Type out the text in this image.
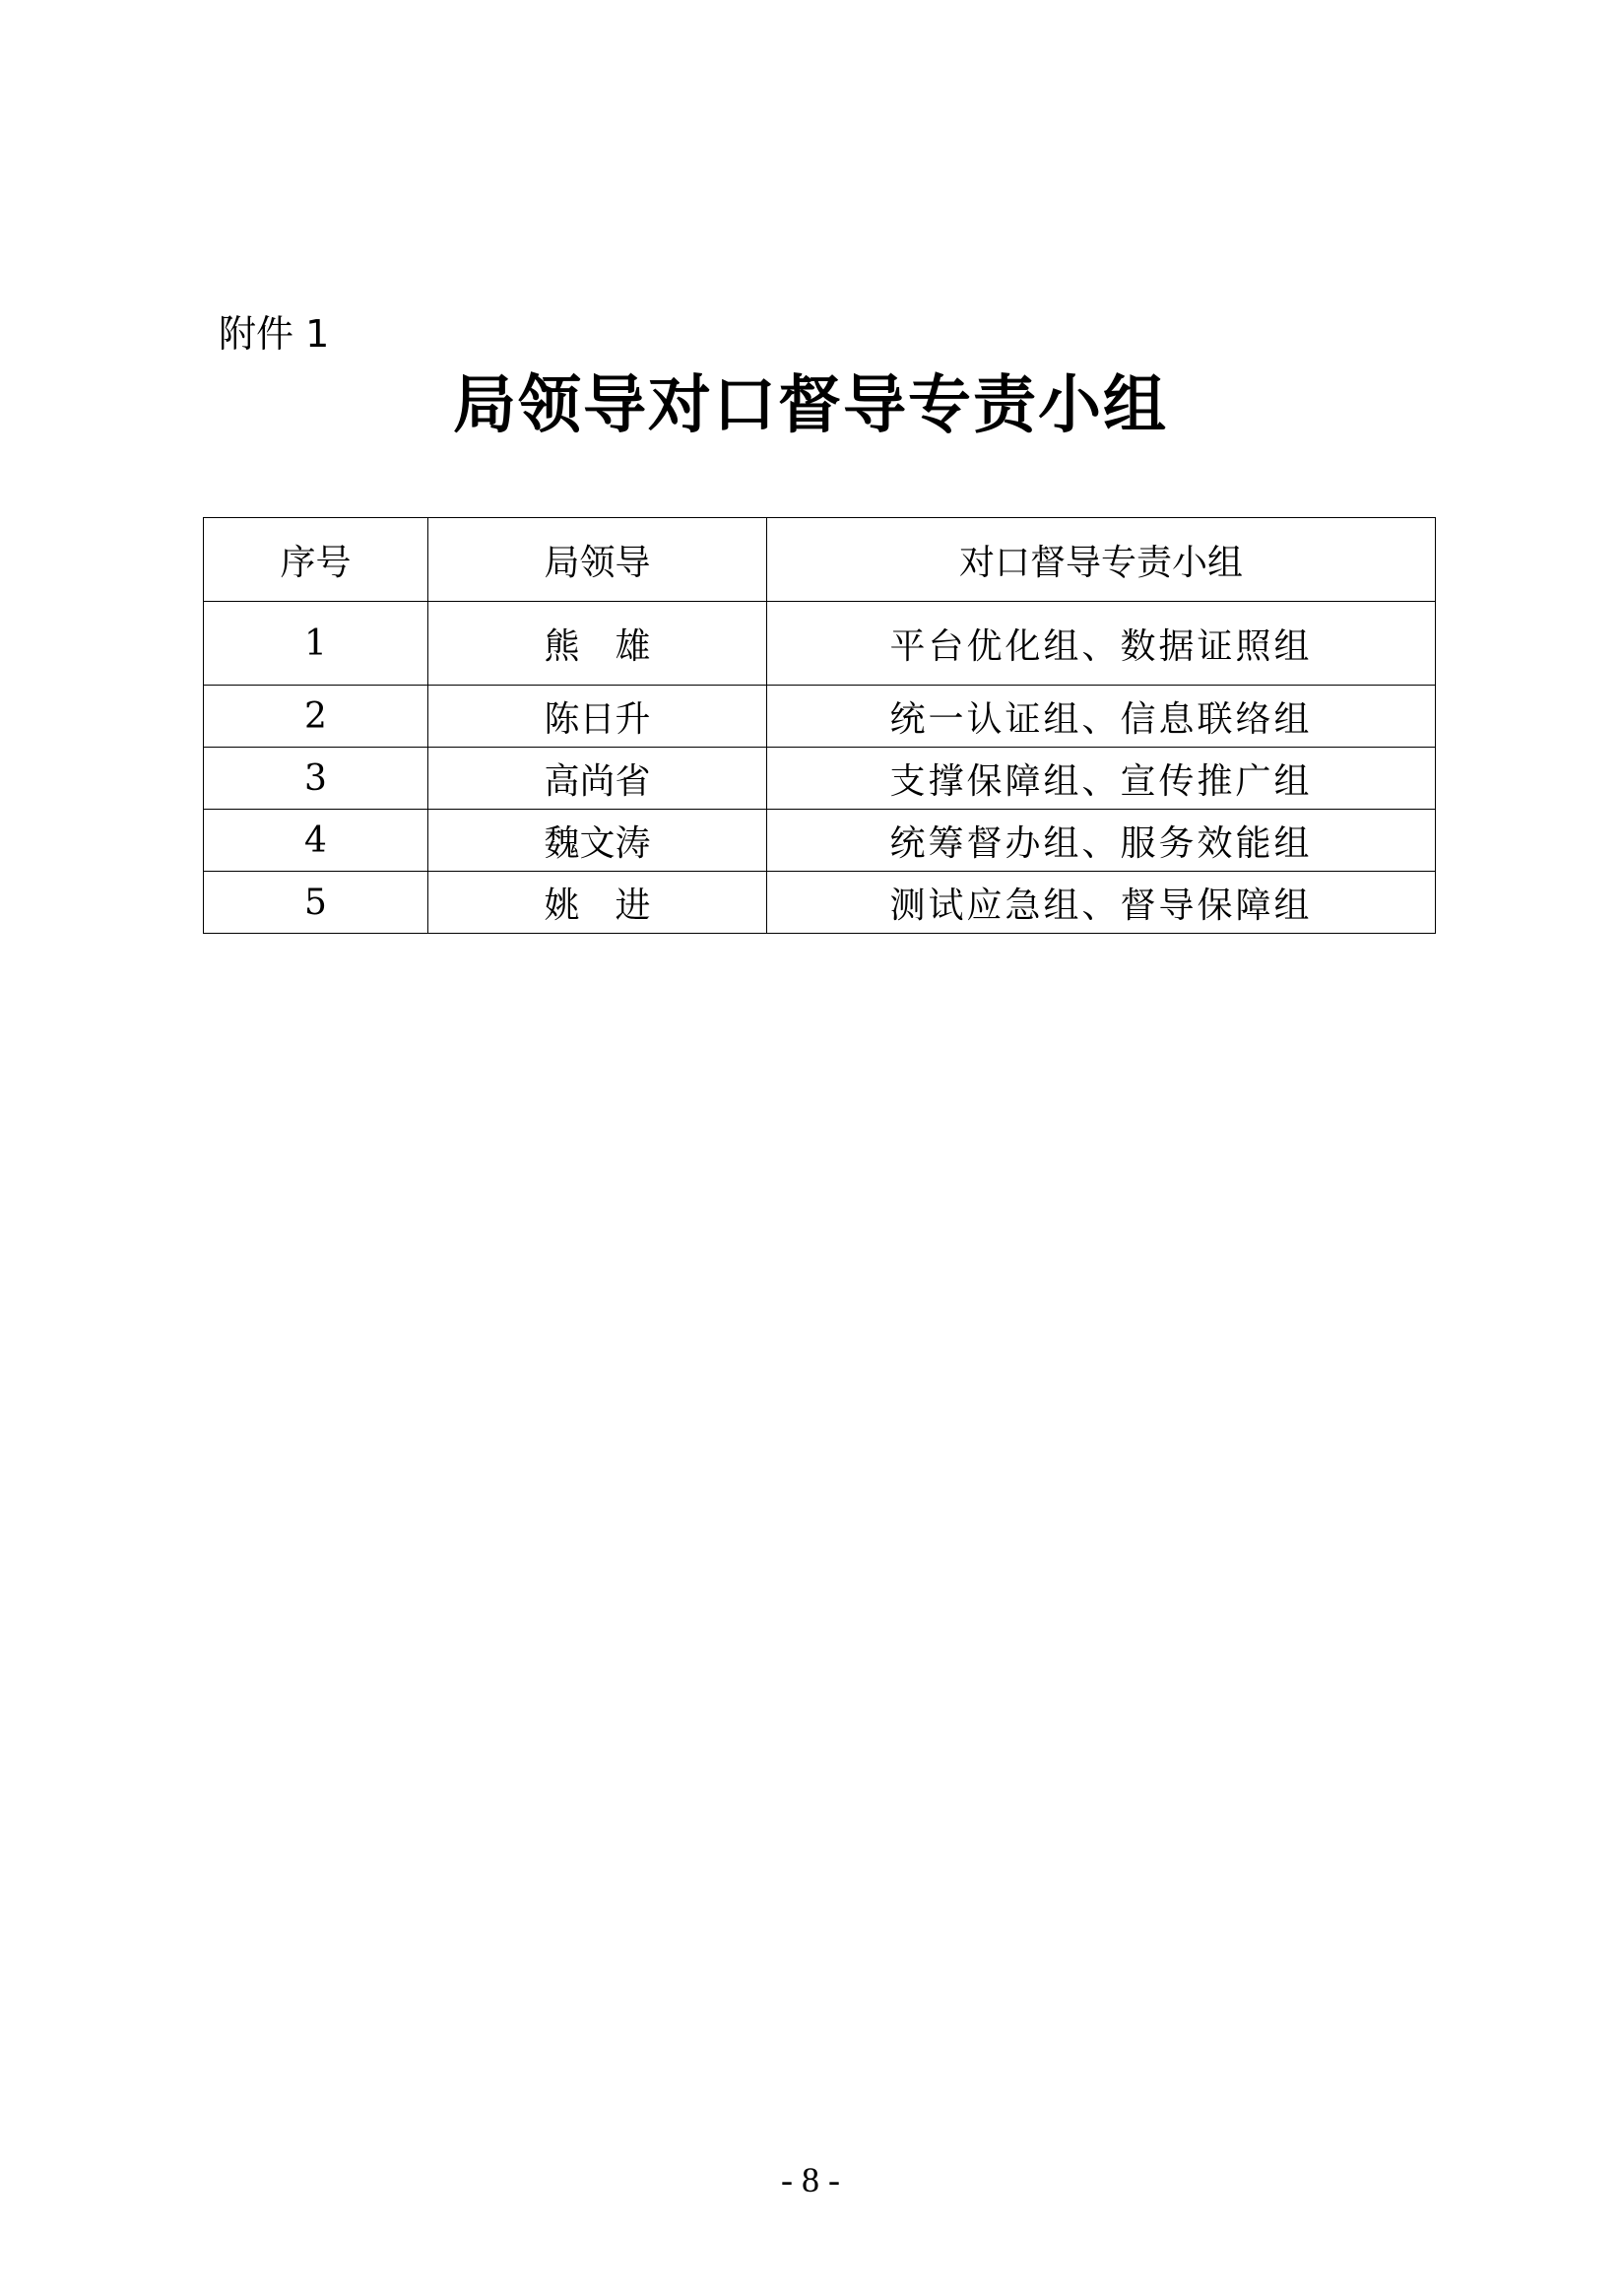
附件 1
局领导对口督导专责小组
序号	局领导	对口督导专责小组
1	熊　雄	平台优化组、数据证照组
2	陈日升	统一认证组、信息联络组
3	高尚省	支撑保障组、宣传推广组
4	魏文涛	统筹督办组、服务效能组
5	姚　进	测试应急组、督导保障组
- 8 -
